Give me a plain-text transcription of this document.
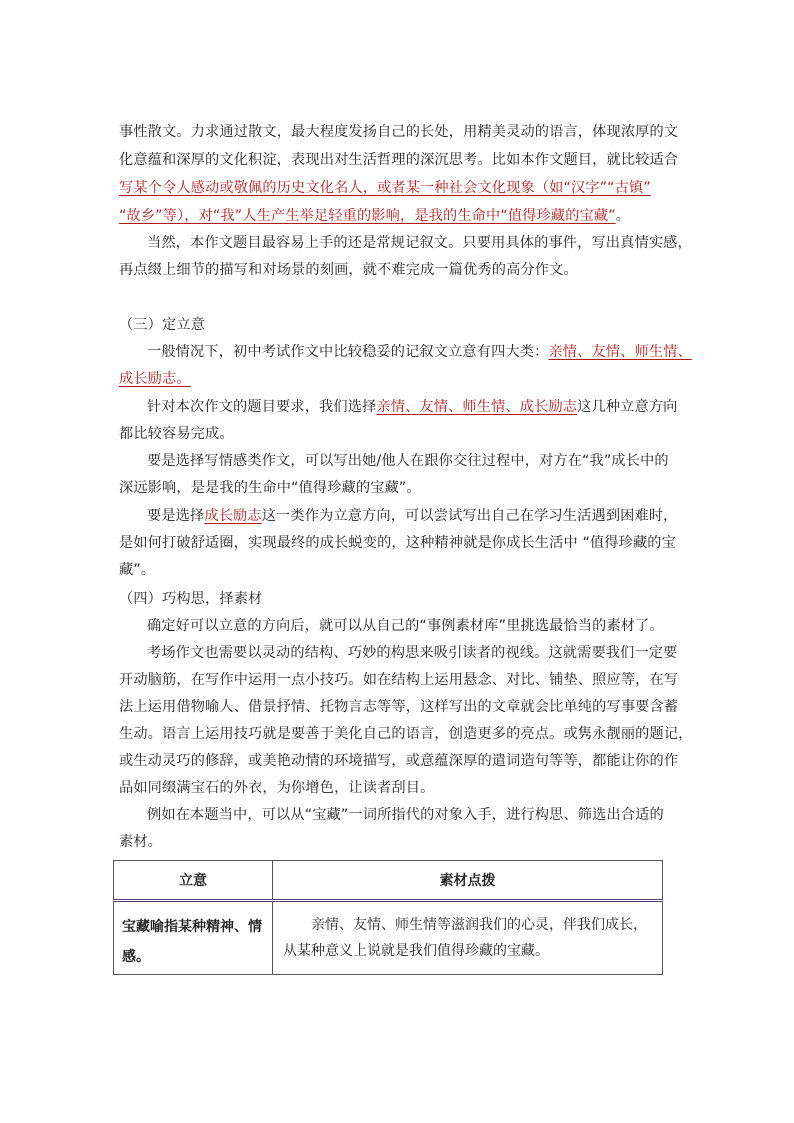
事性散文。力求通过散文，最大程度发扬自己的长处，用精美灵动的语言，体现浓厚的文
化意蕴和深厚的文化积淀，表现出对生活哲理的深沉思考。比如本作文题目，就比较适合
写某个令人感动或敬佩的历史文化名人，或者某一种社会文化现象（如“汉字”“古镇”
“故乡”等），对“我”人生产生举足轻重的影响，是我的生命中“值得珍藏的宝藏”。
当然，本作文题目最容易上手的还是常规记叙文。只要用具体的事件，写出真情实感，
再点缀上细节的描写和对场景的刻画，就不难完成一篇优秀的高分作文。
（三）定立意
一般情况下，初中考试作文中比较稳妥的记叙文立意有四大类：亲情、友情、师生情、
成长励志。
针对本次作文的题目要求，我们选择亲情、友情、师生情、成长励志这几种立意方向
都比较容易完成。
要是选择写情感类作文，可以写出她/他人在跟你交往过程中，对方在“我”成长中的
深远影响，是是我的生命中“值得珍藏的宝藏”。
要是选择成长励志这一类作为立意方向，可以尝试写出自己在学习生活遇到困难时，
是如何打破舒适圈，实现最终的成长蜕变的，这种精神就是你成长生活中 “值得珍藏的宝
藏”。
（四）巧构思，择素材
确定好可以立意的方向后，就可以从自己的“事例素材库”里挑选最恰当的素材了。
考场作文也需要以灵动的结构、巧妙的构思来吸引读者的视线。这就需要我们一定要
开动脑筋，在写作中运用一点小技巧。如在结构上运用悬念、对比、铺垫、照应等，在写
法上运用借物喻人、借景抒情、托物言志等等，这样写出的文章就会比单纯的写事要含蓄
生动。语言上运用技巧就是要善于美化自己的语言，创造更多的亮点。或隽永靓丽的题记，
或生动灵巧的修辞，或美艳动情的环境描写，或意蕴深厚的遣词造句等等，都能让你的作
品如同缀满宝石的外衣，为你增色，让读者刮目。
例如在本题当中，可以从“宝藏”一词所指代的对象入手，进行构思、筛选出合适的
立意	素材点拨
宝藏喻指某种精神、情感。	亲情、友情、师生情等滋润我们的心灵，伴我们成长，
从某种意义上说就是我们值得珍藏的宝藏。
素材。
